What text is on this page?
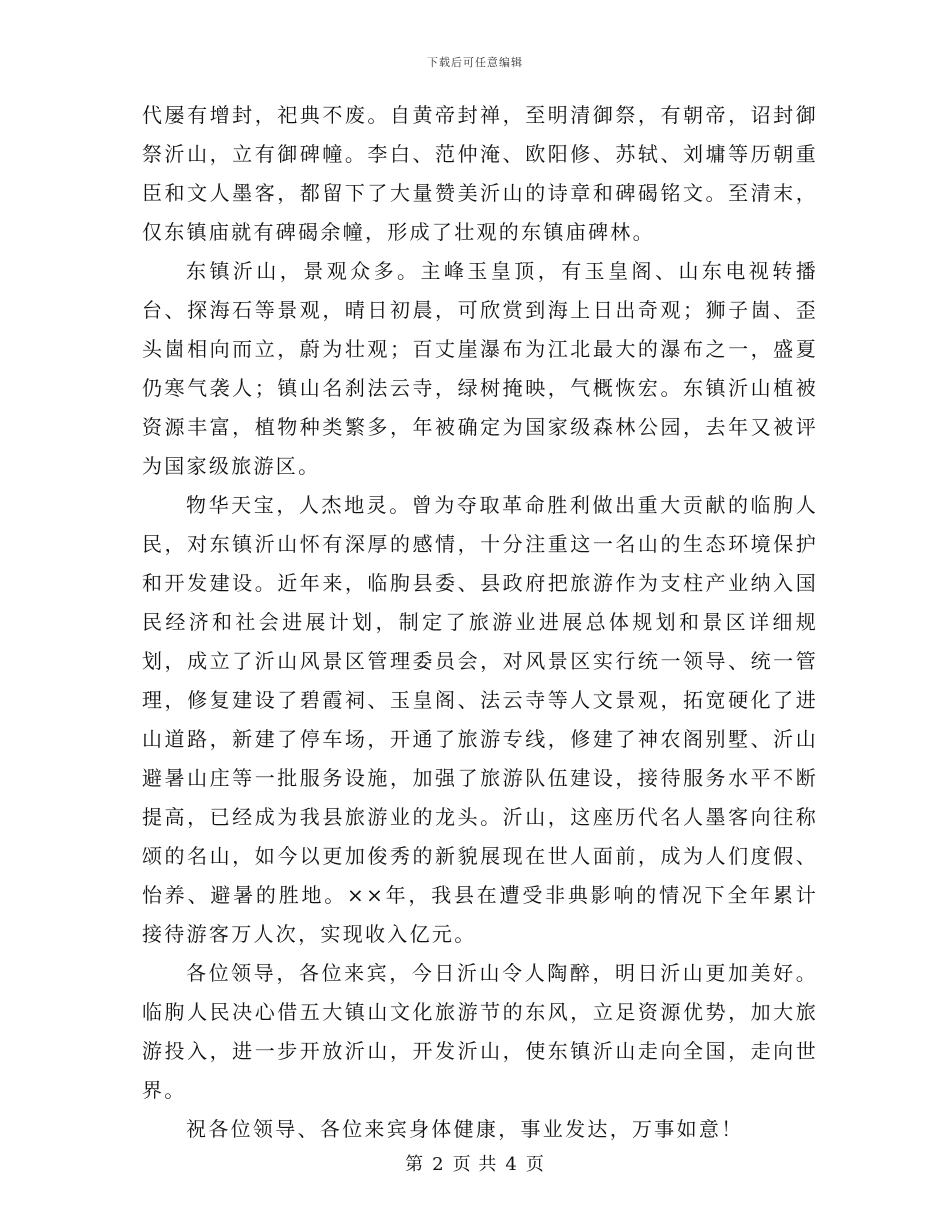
下载后可任意编辑

代屡有增封，祀典不废。自黄帝封禅，至明清御祭，有朝帝，诏封御祭沂山，立有御碑幢。李白、范仲淹、欧阳修、苏轼、刘墉等历朝重臣和文人墨客，都留下了大量赞美沂山的诗章和碑碣铭文。至清末，仅东镇庙就有碑碣余幢，形成了壮观的东镇庙碑林。

东镇沂山，景观众多。主峰玉皇顶，有玉皇阁、山东电视转播台、探海石等景观，晴日初晨，可欣赏到海上日出奇观；狮子崮、歪头崮相向而立，蔚为壮观；百丈崖瀑布为江北最大的瀑布之一，盛夏仍寒气袭人；镇山名刹法云寺，绿树掩映，气概恢宏。东镇沂山植被资源丰富，植物种类繁多，年被确定为国家级森林公园，去年又被评为国家级旅游区。

物华天宝，人杰地灵。曾为夺取革命胜利做出重大贡献的临朐人民，对东镇沂山怀有深厚的感情，十分注重这一名山的生态环境保护和开发建设。近年来，临朐县委、县政府把旅游作为支柱产业纳入国民经济和社会进展计划，制定了旅游业进展总体规划和景区详细规划，成立了沂山风景区管理委员会，对风景区实行统一领导、统一管理，修复建设了碧霞祠、玉皇阁、法云寺等人文景观，拓宽硬化了进山道路，新建了停车场，开通了旅游专线，修建了神农阁别墅、沂山避暑山庄等一批服务设施，加强了旅游队伍建设，接待服务水平不断提高，已经成为我县旅游业的龙头。沂山，这座历代名人墨客向往称颂的名山，如今以更加俊秀的新貌展现在世人面前，成为人们度假、怡养、避暑的胜地。××年，我县在遭受非典影响的情况下全年累计接待游客万人次，实现收入亿元。

各位领导，各位来宾，今日沂山令人陶醉，明日沂山更加美好。临朐人民决心借五大镇山文化旅游节的东风，立足资源优势，加大旅游投入，进一步开放沂山，开发沂山，使东镇沂山走向全国，走向世界。

祝各位领导、各位来宾身体健康，事业发达，万事如意！

第 2 页 共 4 页
